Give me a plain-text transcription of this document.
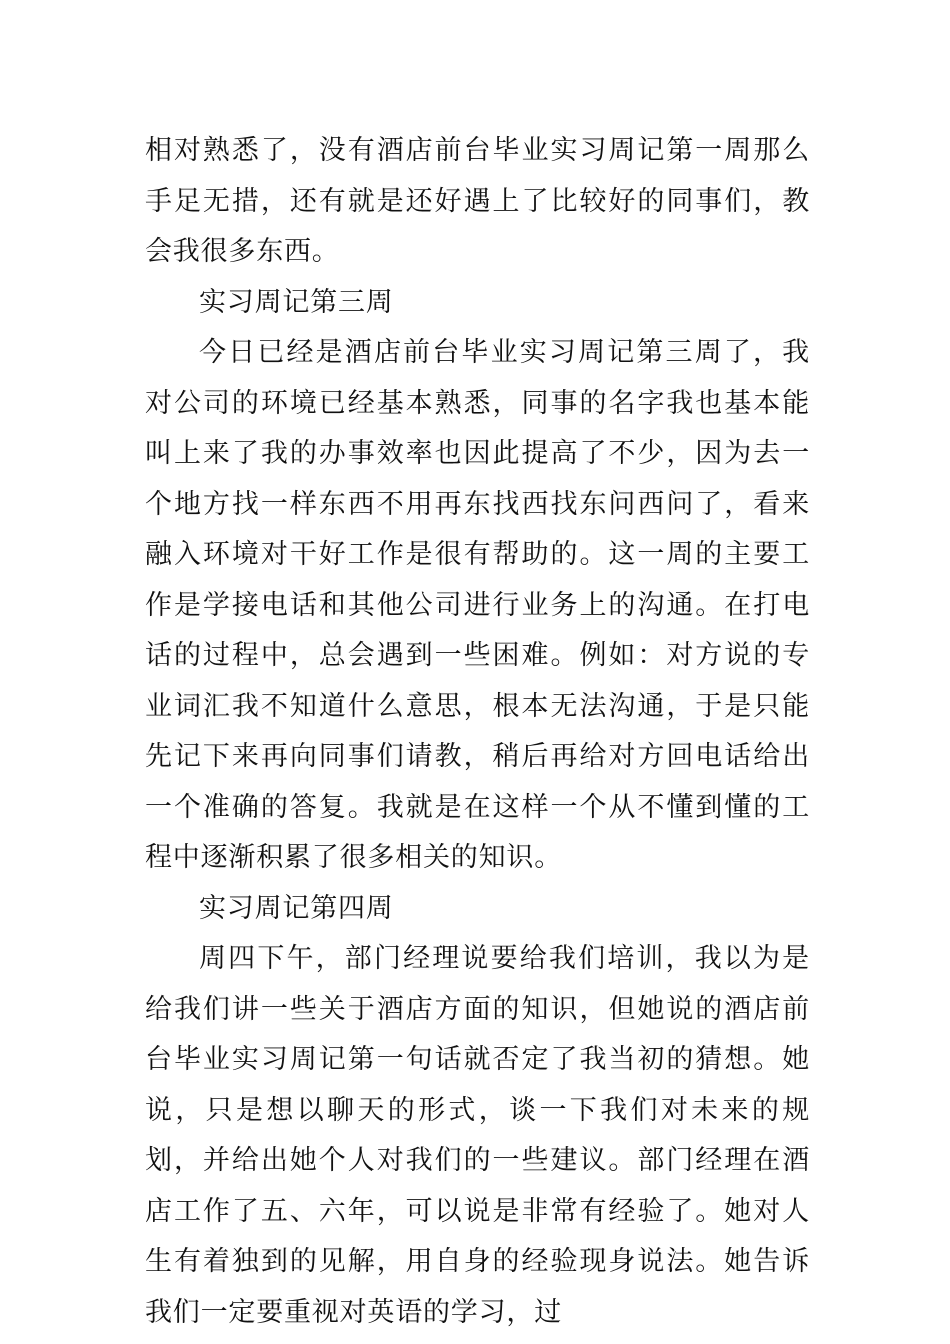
相对熟悉了，没有酒店前台毕业实习周记第一周那么手足无措，还有就是还好遇上了比较好的同事们，教会我很多东西。

实习周记第三周

今日已经是酒店前台毕业实习周记第三周了，我对公司的环境已经基本熟悉，同事的名字我也基本能叫上来了我的办事效率也因此提高了不少，因为去一个地方找一样东西不用再东找西找东问西问了，看来融入环境对干好工作是很有帮助的。这一周的主要工作是学接电话和其他公司进行业务上的沟通。在打电话的过程中，总会遇到一些困难。例如：对方说的专业词汇我不知道什么意思，根本无法沟通，于是只能先记下来再向同事们请教，稍后再给对方回电话给出一个准确的答复。我就是在这样一个从不懂到懂的工程中逐渐积累了很多相关的知识。

实习周记第四周

周四下午，部门经理说要给我们培训，我以为是给我们讲一些关于酒店方面的知识，但她说的酒店前台毕业实习周记第一句话就否定了我当初的猜想。她说，只是想以聊天的形式，谈一下我们对未来的规划，并给出她个人对我们的一些建议。部门经理在酒店工作了五、六年，可以说是非常有经验了。她对人生有着独到的见解，用自身的经验现身说法。她告诉我们一定要重视对英语的学习，过
